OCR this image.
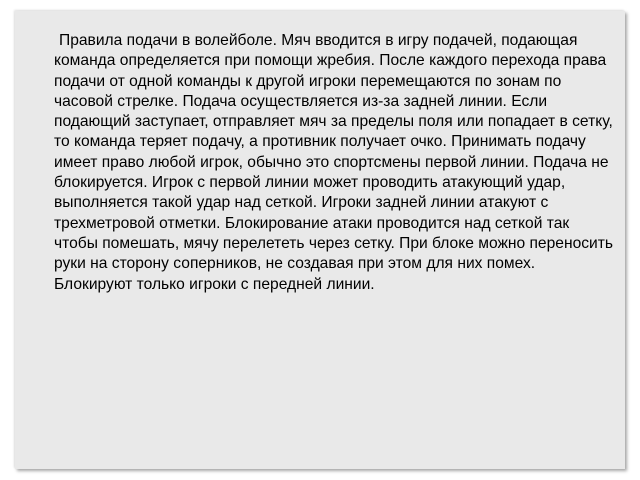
Правила подачи в волейболе. Мяч вводится в игру подачей, подающая команда определяется при помощи жребия. После каждого перехода права подачи от одной команды к другой игроки перемещаются по зонам по часовой стрелке. Подача осуществляется из-за задней линии. Если подающий заступает, отправляет мяч за пределы поля или попадает в сетку, то команда теряет подачу, а противник получает очко. Принимать подачу имеет право любой игрок, обычно это спортсмены первой линии. Подача не блокируется. Игрок с первой линии может проводить атакующий удар, выполняется такой удар над сеткой. Игроки задней линии атакуют с трехметровой отметки. Блокирование атаки проводится над сеткой так чтобы помешать, мячу перелететь через сетку. При блоке можно переносить руки на сторону соперников, не создавая при этом для них помех. Блокируют только игроки с передней линии.
